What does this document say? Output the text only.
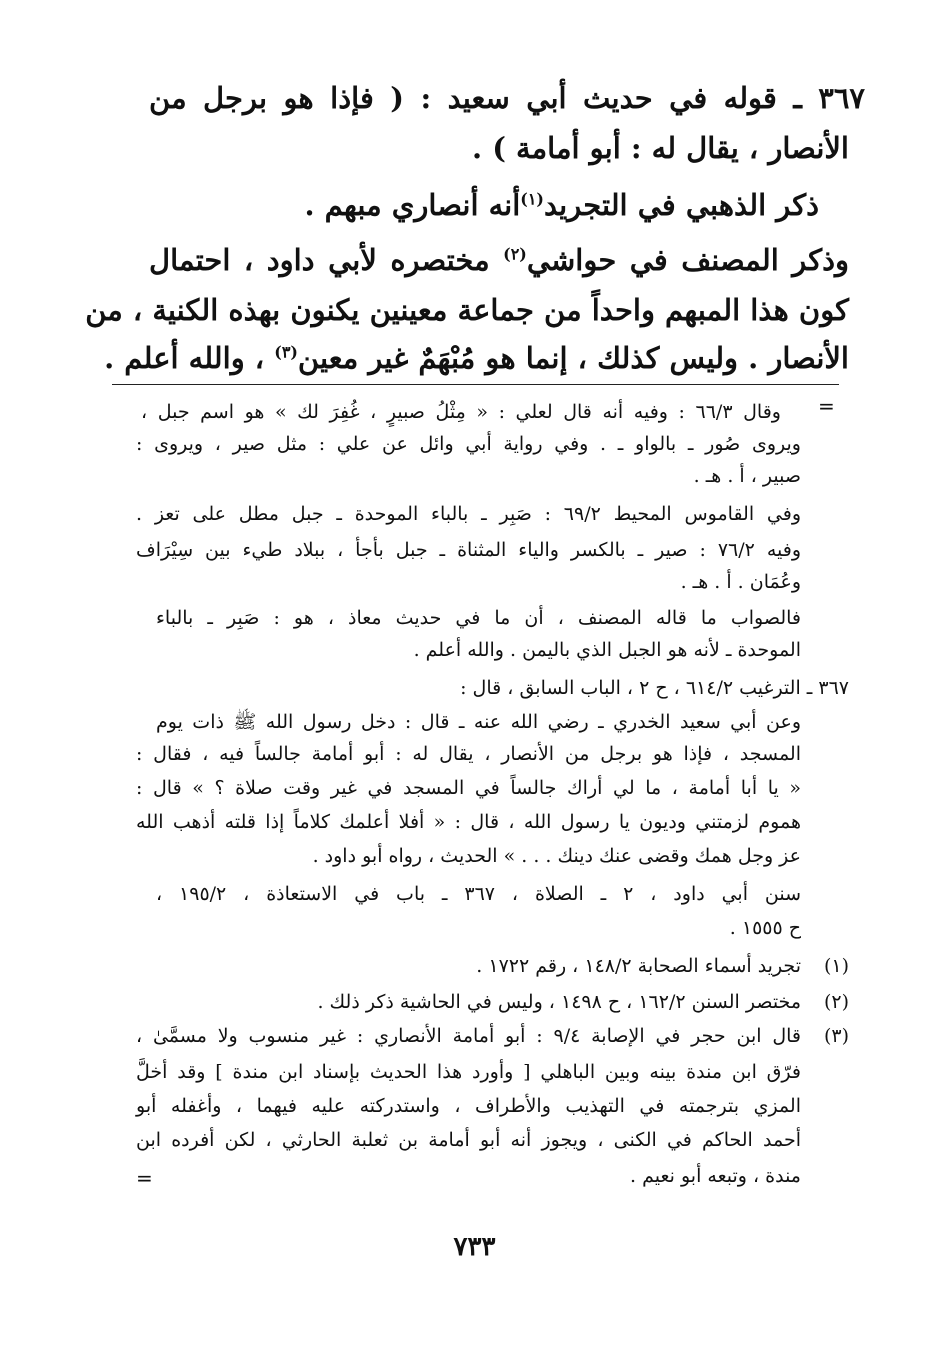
٣٦٧ ـ قوله في حديث أبي سعيد : ( فإذا هو برجل من
الأنصار ، يقال له : أبو أمامة ) .
ذكر الذهبي في التجريد$^{(١)}$أنه أنصاري مبهم .
وذكر المصنف في حواشي$^{(٢)}$ مختصره لأبي داود ، احتمال
كون هذا المبهم واحداً من جماعة معينين يكنون بهذه الكنية ، من
الأنصار . وليس كذلك ، إنما هو مُبْهَمٌ غير معين$^{(٣)}$ ، والله أعلم .
=
وقال ٦٦/٣ : وفيه أنه قال لعلي : « مِثْلُ صبيرٍ ، غُفِرَ لك » هو اسم جبل ،
ويروى صُور ـ بالواو ـ . وفي رواية أبي وائل عن علي : مثل صير ، ويروى :
صبير ، أ . هـ .
وفي القاموس المحيط ٦٩/٢ : صَبِر ـ بالباء الموحدة ـ جبل مطل على تعز .
وفيه ٧٦/٢ : صير ـ بالكسر والياء المثناة ـ جبل بأجأ ، ببلاد طيء بين سِيْرَاف
وعُمَان . أ . هـ .
فالصواب ما قاله المصنف ، أن ما في حديث معاذ ، هو : صَبِر ـ بالباء
الموحدة ـ لأنه هو الجبل الذي باليمن . والله أعلم .
٣٦٧ ـ الترغيب ٦١٤/٢ ، ح ٢ ، الباب السابق ، قال :
وعن أبي سعيد الخدري ـ رضي الله عنه ـ قال : دخل رسول الله ﷺ ذات يوم
المسجد ، فإذا هو برجل من الأنصار ، يقال له : أبو أمامة جالساً فيه ، فقال :
« يا أبا أمامة ، ما لي أراك جالساً في المسجد في غير وقت صلاة ؟ » قال :
هموم لزمتني وديون يا رسول الله ، قال : « أفلا أعلمك كلاماً إذا قلته أذهب الله
عز وجل همك وقضى عنك دينك . . . » الحديث ، رواه أبو داود .
سنن أبي داود ، ٢ ـ الصلاة ، ٣٦٧ ـ باب في الاستعاذة ، ١٩٥/٢ ،
ح ١٥٥٥ .
(١)
تجريد أسماء الصحابة ١٤٨/٢ ، رقم ١٧٢٢ .
(٢)
مختصر السنن ١٦٢/٢ ، ح ١٤٩٨ ، وليس في الحاشية ذكر ذلك .
(٣)
قال ابن حجر في الإصابة ٩/٤ : أبو أمامة الأنصاري : غير منسوب ولا مسمَّىٰ ،
فرّق ابن مندة بينه وبين الباهلي [ وأورد هذا الحديث بإسناد ابن مندة ] وقد أخلَّ
المزي بترجمته في التهذيب والأطراف ، واستدركته عليه فيهما ، وأغفله أبو
أحمد الحاكم في الكنى ، ويجوز أنه أبو أمامة بن ثعلبة الحارثي ، لكن أفرده ابن
مندة ، وتبعه أبو نعيم .
=
٧٣٣
